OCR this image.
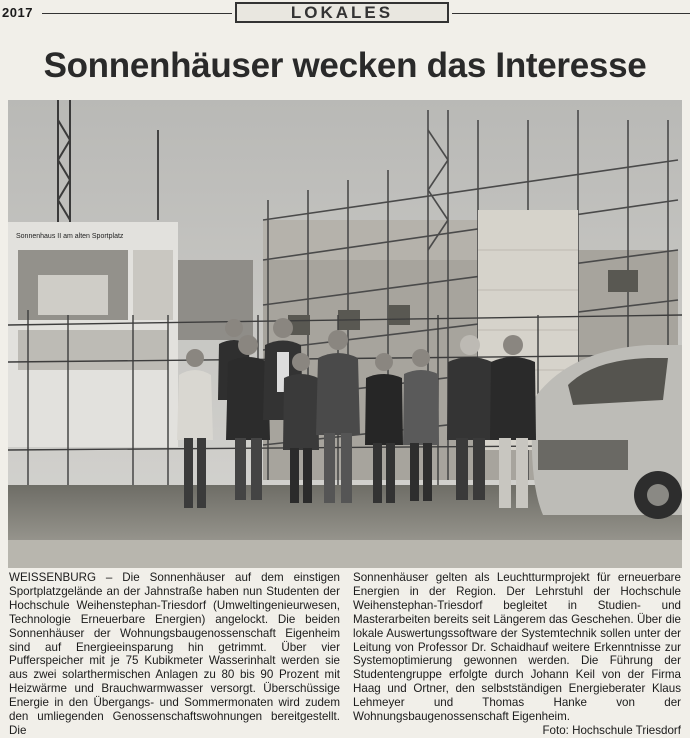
2017	LOKALES
Sonnenhäuser wecken das Interesse
Sonnenhaus II am alten Sportplatz
WEISSENBURG – Die Sonnenhäuser auf dem einstigen Sportplatzgelände an der Jahnstraße haben nun Studenten der Hochschule Weihenstephan-Triesdorf (Umweltingenieurwesen, Technologie Erneuerbare Energien) angelockt. Die beiden Sonnenhäuser der Wohnungsbaugenossenschaft Eigenheim sind auf Energieeinsparung hin getrimmt. Über vier Pufferspeicher mit je 75 Kubikmeter Wasserinhalt werden sie aus zwei solarthermischen Anlagen zu 80 bis 90 Prozent mit Heizwärme und Brauchwarmwasser versorgt. Überschüssige Energie in den Übergangs- und Sommermonaten wird zudem den umliegenden Genossenschaftswohnungen bereitgestellt. Die
Sonnenhäuser gelten als Leuchtturmprojekt für erneuerbare Energien in der Region. Der Lehrstuhl der Hochschule Weihenstephan-Triesdorf begleitet in Studien- und Masterarbeiten bereits seit Längerem das Geschehen. Über die lokale Auswertungssoftware der Systemtechnik sollen unter der Leitung von Professor Dr. Schaidhauf weitere Erkenntnisse zur Systemoptimierung gewonnen werden. Die Führung der Studentengruppe erfolgte durch Johann Keil von der Firma Haag und Ortner, den selbstständigen Energieberater Klaus Lehmeyer und Thomas Hanke von der Wohnungsbaugenossenschaft Eigenheim.
Foto: Hochschule Triesdorf
